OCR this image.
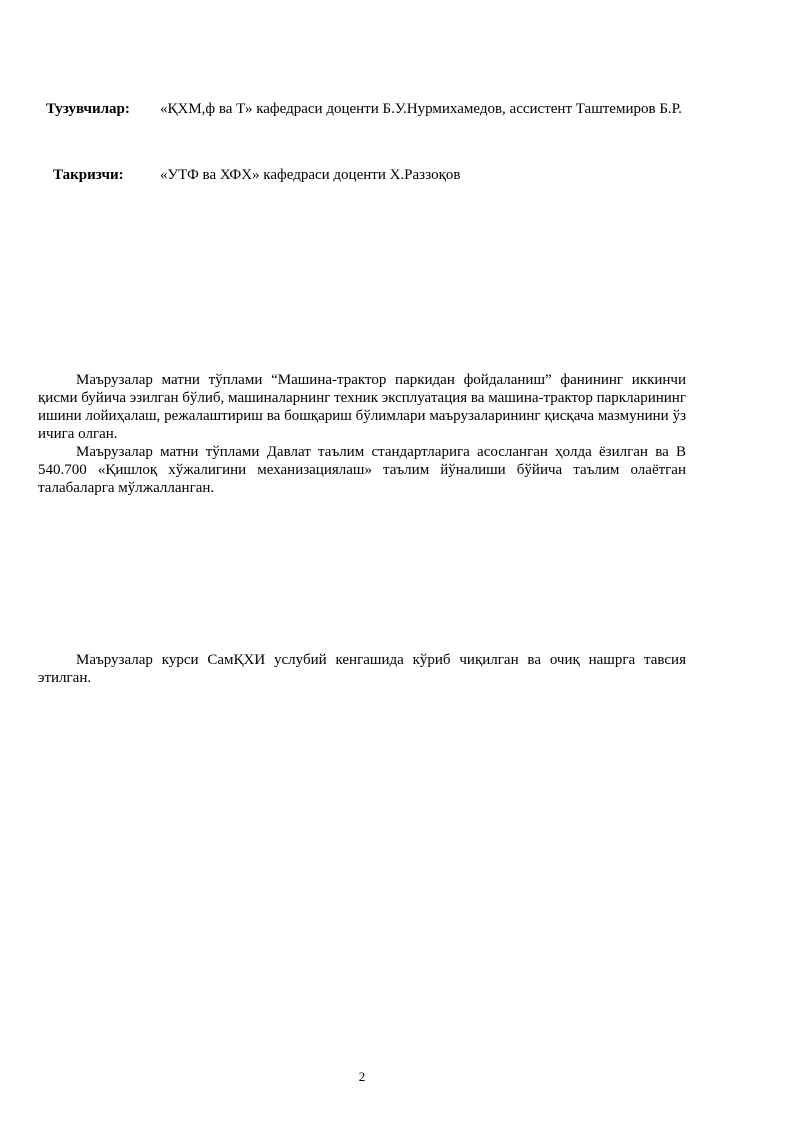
Тузувчилар: «ҚХМ,ф ва Т» кафедраси доценти Б.У.Нурмихамедов, ассистент Таштемиров Б.Р.
Такризчи: «УТФ ва ХФХ» кафедраси доценти Х.Раззоқов

Маърузалар матни тўплами “Машина-трактор паркидан фойдаланиш” фанининг иккинчи қисми буйича эзилган бўлиб, машиналарнинг техник эксплуатация ва машина-трактор паркларининг ишини лойиҳалаш, режалаштириш ва бошқариш бўлимлари маърузаларининг қисқача мазмунини ўз ичига олган.

Маърузалар матни тўплами Давлат таълим стандартларига асосланган ҳолда ёзилган ва В 540.700 «Қишлоқ хўжалигини механизациялаш» таълим йўналиши бўйича таълим олаётган талабаларга мўлжалланган.

Маърузалар курси СамҚХИ услубий кенгашида кўриб чиқилган ва очиқ нашрга тавсия этилган.

2
